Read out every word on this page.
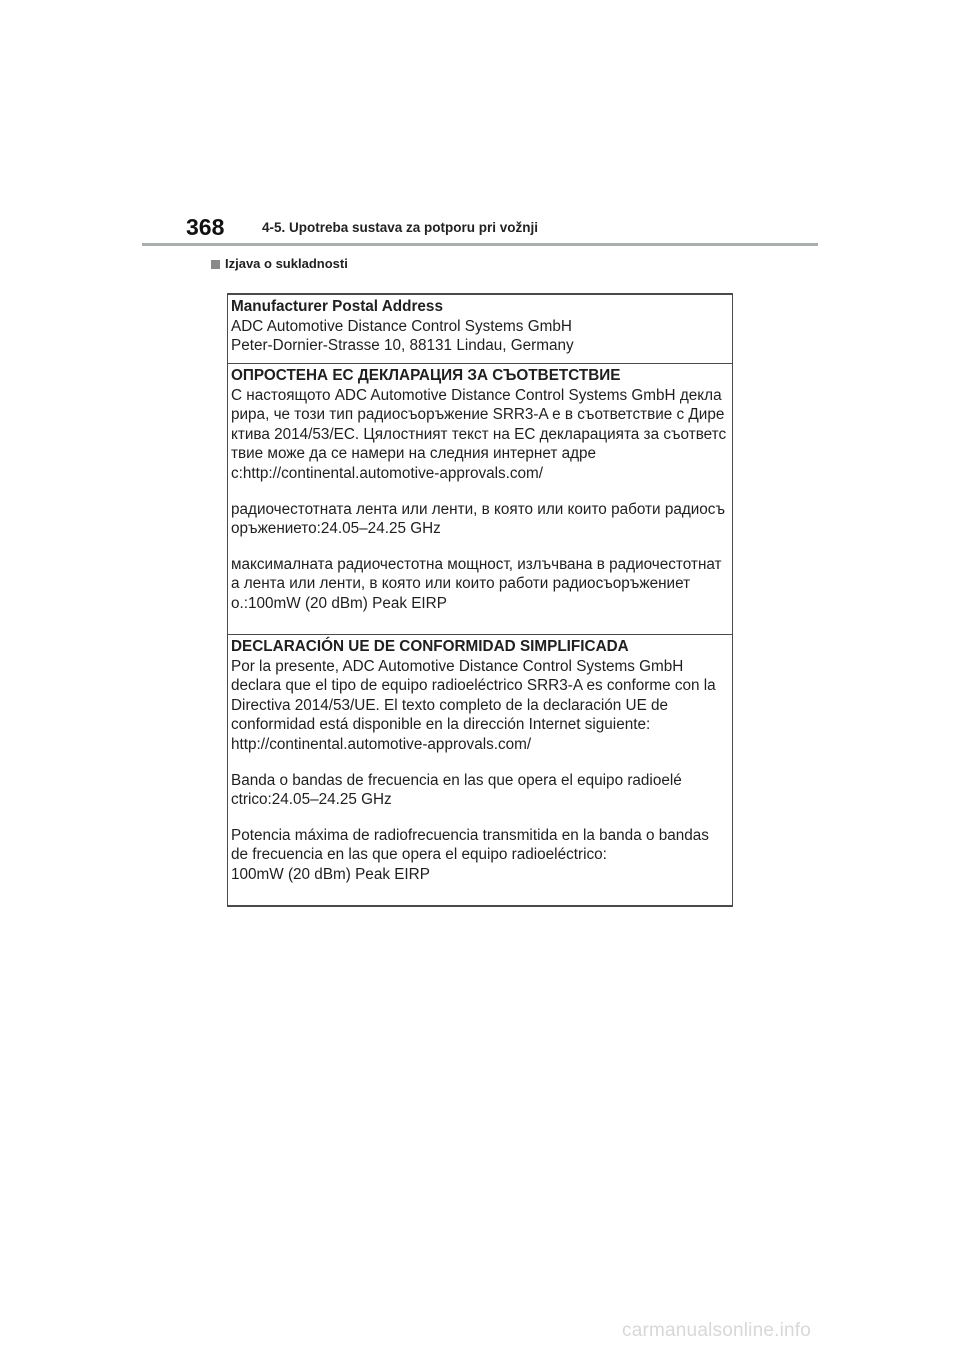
368	4-5. Upotreba sustava za potporu pri vožnji
Izjava o sukladnosti
Manufacturer Postal Address

ADC Automotive Distance Control Systems GmbH
Peter-Dornier-Strasse 10, 88131 Lindau, Germany

ОПРОСТЕНА ЕС ДЕКЛАРАЦИЯ ЗА СЪОТВЕТСТВИЕ

С настоящото ADC Automotive Distance Control Systems GmbH декла
рира, че този тип радиосъоръжение SRR3-A е в съответствие с Дире
ктива 2014/53/ЕС. Цялостният текст на ЕС декларацията за съответс
твие може да се намери на следния интернет адре
с:http://continental.automotive-approvals.com/

радиочестотната лента или ленти, в която или които работи радиосъ
оръжението:24.05–24.25 GHz

максималната радиочестотна мощност, излъчвана в радиочестотнат
а лента или ленти, в която или които работи радиосъоръжениет
о.:100mW (20 dBm) Peak EIRP

DECLARACIÓN UE DE CONFORMIDAD SIMPLIFICADA

Por la presente, ADC Automotive Distance Control Systems GmbH
declara que el tipo de equipo radioeléctrico SRR3-A es conforme con la
Directiva 2014/53/UE. El texto completo de la declaración UE de
conformidad está disponible en la dirección Internet siguiente:
http://continental.automotive-approvals.com/

Banda o bandas de frecuencia en las que opera el equipo radioelé
ctrico:24.05–24.25 GHz

Potencia máxima de radiofrecuencia transmitida en la banda o bandas
de frecuencia en las que opera el equipo radioeléctrico:
100mW (20 dBm) Peak EIRP

carmanualsonline.info
